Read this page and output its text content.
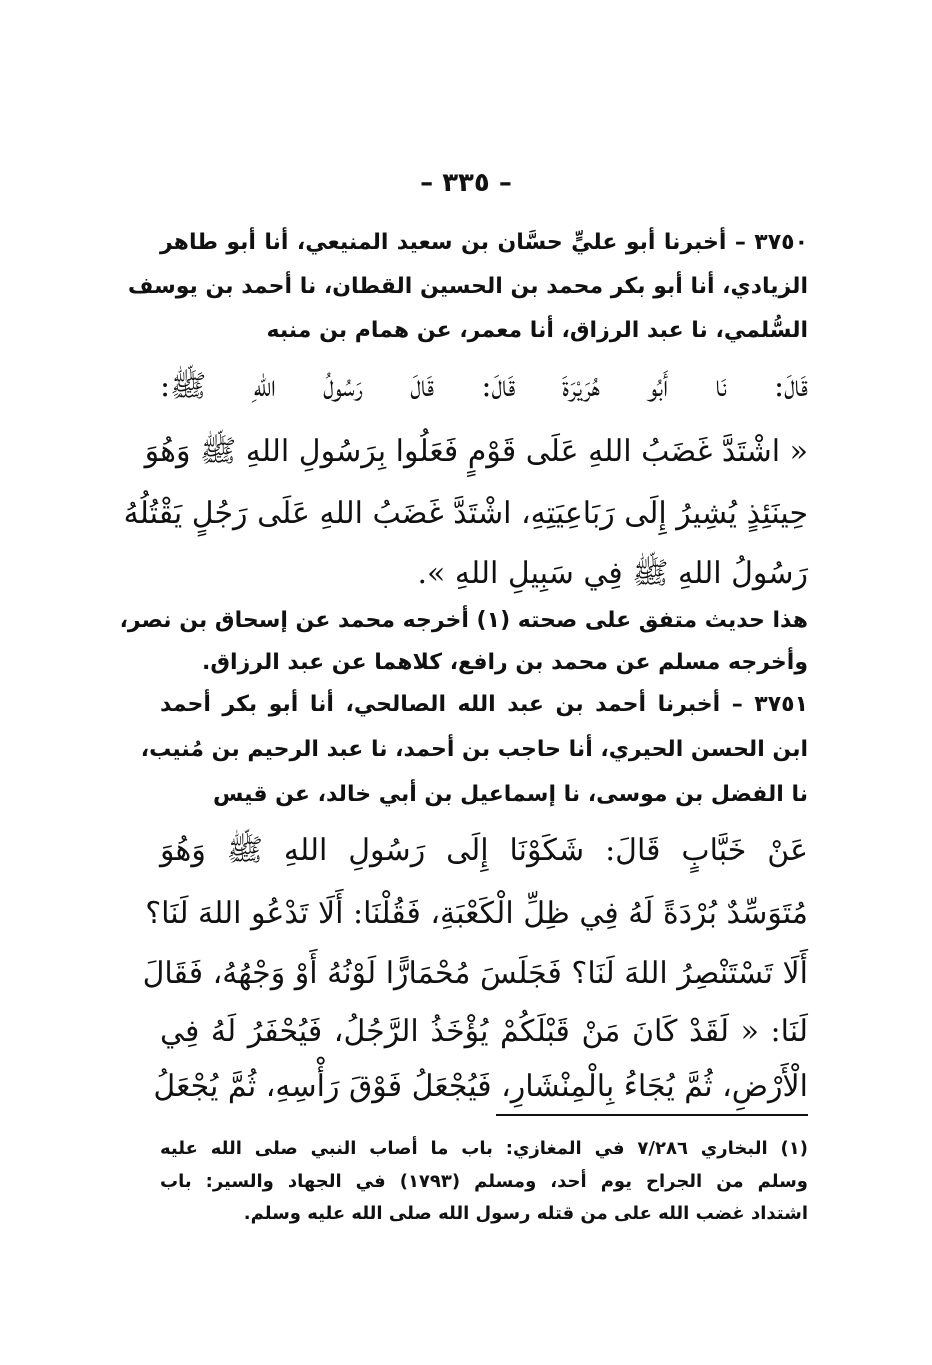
– ٣٣٥ –
٣٧٥٠ – أخبرنا أبو عليٍّ حسَّان بن سعيد المنيعي، أنا أبو طاهر
الزيادي، أنا أبو بكر محمد بن الحسين القطان، نا أحمد بن يوسف
السُّلمي، نا عبد الرزاق، أنا معمر، عن همام بن منبه
قَالَ: نَا أَبُو هُرَيْرَةَ قَالَ: قَالَ رَسُولُ اللهِ ﷺ:
« اشْتَدَّ غَضَبُ اللهِ عَلَى قَوْمٍ فَعَلُوا بِرَسُولِ اللهِ ﷺ وَهُوَ
حِينَئِذٍ يُشِيرُ إِلَى رَبَاعِيَتِهِ، اشْتَدَّ غَضَبُ اللهِ عَلَى رَجُلٍ يَقْتُلُهُ
رَسُولُ اللهِ ﷺ فِي سَبِيلِ اللهِ ».
هذا حديث متفق على صحته (١) أخرجه محمد عن إسحاق بن نصر،
وأخرجه مسلم عن محمد بن رافع، كلاهما عن عبد الرزاق.
٣٧٥١ – أخبرنا أحمد بن عبد الله الصالحي، أنا أبو بكر أحمد
ابن الحسن الحيري، أنا حاجب بن أحمد، نا عبد الرحيم بن مُنيب،
نا الفضل بن موسى، نا إسماعيل بن أبي خالد، عن قيس
عَنْ خَبَّابٍ قَالَ: شَكَوْنَا إِلَى رَسُولِ اللهِ ﷺ وَهُوَ
مُتَوَسِّدٌ بُرْدَةً لَهُ فِي ظِلِّ الْكَعْبَةِ، فَقُلْنَا: أَلَا تَدْعُو اللهَ لَنَا؟
أَلَا تَسْتَنْصِرُ اللهَ لَنَا؟ فَجَلَسَ مُحْمَارًّا لَوْنُهُ أَوْ وَجْهُهُ، فَقَالَ
لَنَا: « لَقَدْ كَانَ مَنْ قَبْلَكُمْ يُؤْخَذُ الرَّجُلُ، فَيُحْفَرُ لَهُ فِي
الْأَرْضِ، ثُمَّ يُجَاءُ بِالْمِنْشَارِ، فَيُجْعَلُ فَوْقَ رَأْسِهِ، ثُمَّ يُجْعَلُ
(١) البخاري ٧/٢٨٦ في المغازي: باب ما أصاب النبي صلى الله عليه
وسلم من الجراح يوم أحد، ومسلم (١٧٩٣) في الجهاد والسير: باب
اشتداد غضب الله على من قتله رسول الله صلى الله عليه وسلم.
